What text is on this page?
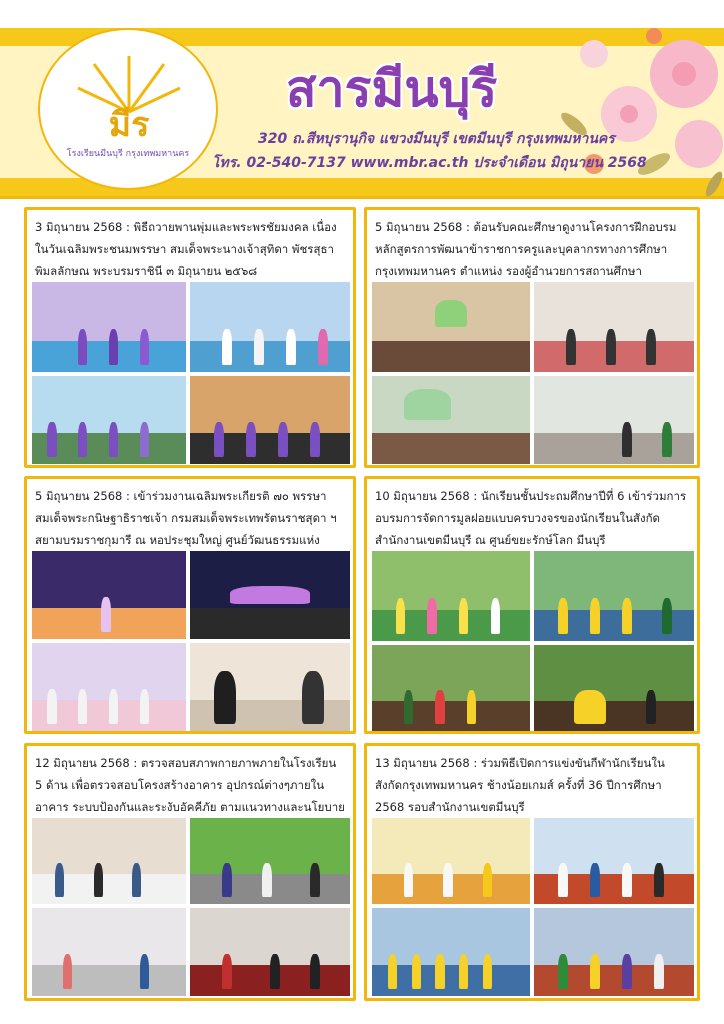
มีร
โรงเรียนมีนบุรี กรุงเทพมหานคร
สารมีนบุรี
320 ถ.สีหบุรานุกิจ แขวงมีนบุรี เขตมีนบุรี กรุงเทพมหานคร
โทร. 02-540-7137 www.mbr.ac.th ประจำเดือน มิถุนายน 2568
3 มิถุนายน 2568 : พิธีถวายพานพุ่มและพระพรชัยมงคล เนื่องในวันเฉลิมพระชนมพรรษา สมเด็จพระนางเจ้าสุทิดา พัชรสุธาพิมลลักษณ พระบรมราชินี ๓ มิถุนายน ๒๕๖๘
5 มิถุนายน 2568 : ต้อนรับคณะศึกษาดูงานโครงการฝึกอบรมหลักสูตรการพัฒนาข้าราชการครูและบุคลากรทางการศึกษา กรุงเทพมหานคร ตำแหน่ง รองผู้อำนวยการสถานศึกษา
5 มิถุนายน 2568 : เข้าร่วมงานเฉลิมพระเกียรติ ๗๐ พรรษา สมเด็จพระกนิษฐาธิราชเจ้า กรมสมเด็จพระเทพรัตนราชสุดา ฯ สยามบรมราชกุมารี ณ หอประชุมใหญ่ ศูนย์วัฒนธรรมแห่ง
10 มิถุนายน 2568 : นักเรียนชั้นประถมศึกษาปีที่ 6 เข้าร่วมการอบรมการจัดการมูลฝอยแบบครบวงจรของนักเรียนในสังกัดสำนักงานเขตมีนบุรี ณ ศูนย์ขยะรักษ์โลก มีนบุรี
12 มิถุนายน 2568 : ตรวจสอบสภาพกายภาพภายในโรงเรียน 5 ด้าน เพื่อตรวจสอบโครงสร้างอาคาร อุปกรณ์ต่างๆภายในอาคาร ระบบป้องกันและระงับอัคคีภัย ตามแนวทางและนโยบาย
13 มิถุนายน 2568 : ร่วมพิธีเปิดการแข่งขันกีฬานักเรียนในสังกัดกรุงเทพมหานคร ช้างน้อยเกมส์ ครั้งที่ 36 ปีการศึกษา 2568 รอบสำนักงานเขตมีนบุรี
